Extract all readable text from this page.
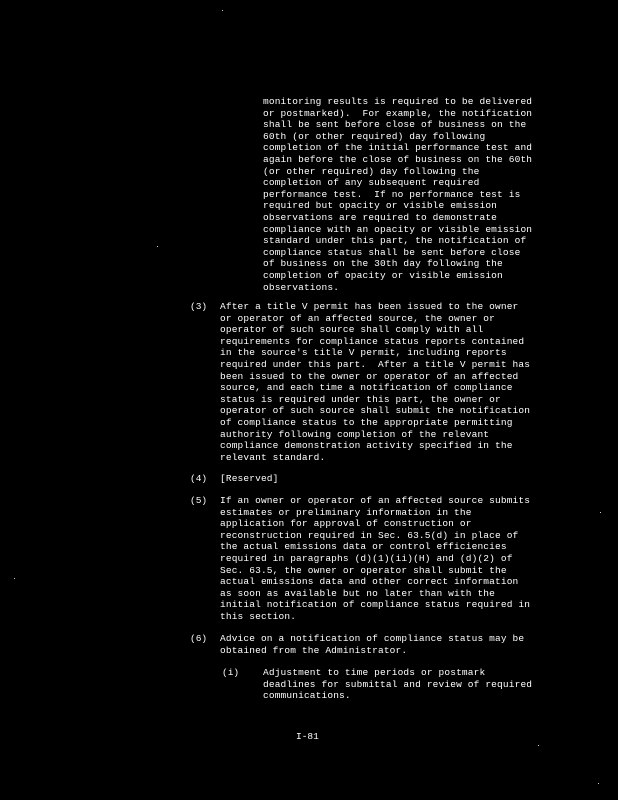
monitoring results is required to be delivered
or postmarked).  For example, the notification
shall be sent before close of business on the
60th (or other required) day following
completion of the initial performance test and
again before the close of business on the 60th
(or other required) day following the
completion of any subsequent required
performance test.  If no performance test is
required but opacity or visible emission
observations are required to demonstrate
compliance with an opacity or visible emission
standard under this part, the notification of
compliance status shall be sent before close
of business on the 30th day following the
completion of opacity or visible emission
observations.
(3) After a title V permit has been issued to the owner
or operator of an affected source, the owner or
operator of such source shall comply with all
requirements for compliance status reports contained
in the source's title V permit, including reports
required under this part.  After a title V permit has
been issued to the owner or operator of an affected
source, and each time a notification of compliance
status is required under this part, the owner or
operator of such source shall submit the notification
of compliance status to the appropriate permitting
authority following completion of the relevant
compliance demonstration activity specified in the
relevant standard.
(4) [Reserved]
(5) If an owner or operator of an affected source submits
estimates or preliminary information in the
application for approval of construction or
reconstruction required in Sec. 63.5(d) in place of
the actual emissions data or control efficiencies
required in paragraphs (d)(1)(ii)(H) and (d)(2) of
Sec. 63.5, the owner or operator shall submit the
actual emissions data and other correct information
as soon as available but no later than with the
initial notification of compliance status required in
this section.
(6) Advice on a notification of compliance status may be
obtained from the Administrator.
(i)	Adjustment to time periods or postmark
deadlines for submittal and review of required
communications.
I-81
